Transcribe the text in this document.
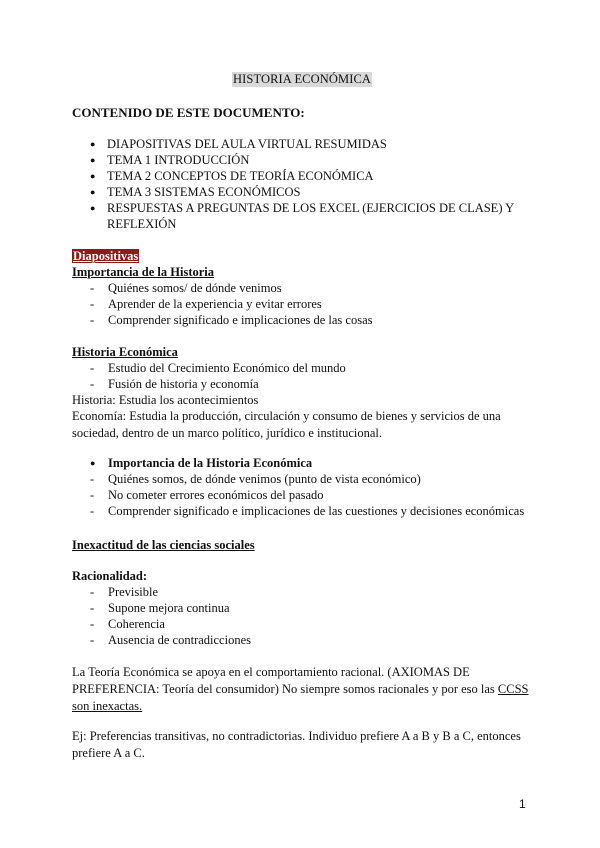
HISTORIA ECONÓMICA
CONTENIDO DE ESTE DOCUMENTO:
● DIAPOSITIVAS DEL AULA VIRTUAL RESUMIDAS
● TEMA 1 INTRODUCCIÓN
● TEMA 2 CONCEPTOS DE TEORÍA ECONÓMICA
● TEMA 3 SISTEMAS ECONÓMICOS
● RESPUESTAS A PREGUNTAS DE LOS EXCEL (EJERCICIOS DE CLASE) Y REFLEXIÓN
Diapositivas
Importancia de la Historia
- Quiénes somos/ de dónde venimos
- Aprender de la experiencia y evitar errores
- Comprender significado e implicaciones de las cosas
Historia Económica
- Estudio del Crecimiento Económico del mundo
- Fusión de historia y economía

Historia: Estudia los acontecimientos

Economía: Estudia la producción, circulación y consumo de bienes y servicios de una sociedad, dentro de un marco político, jurídico e institucional.

● Importancia de la Historia Económica
- Quiénes somos, de dónde venimos (punto de vista económico)
- No cometer errores económicos del pasado
- Comprender significado e implicaciones de las cuestiones y decisiones económicas
Inexactitud de las ciencias sociales
Racionalidad:
- Previsible
- Supone mejora continua
- Coherencia
- Ausencia de contradicciones
La Teoría Económica se apoya en el comportamiento racional. (AXIOMAS DE PREFERENCIA: Teoría del consumidor) No siempre somos racionales y por eso las CCSS son inexactas.
Ej: Preferencias transitivas, no contradictorias. Individuo prefiere A a B y B a C, entonces prefiere A a C.
1
